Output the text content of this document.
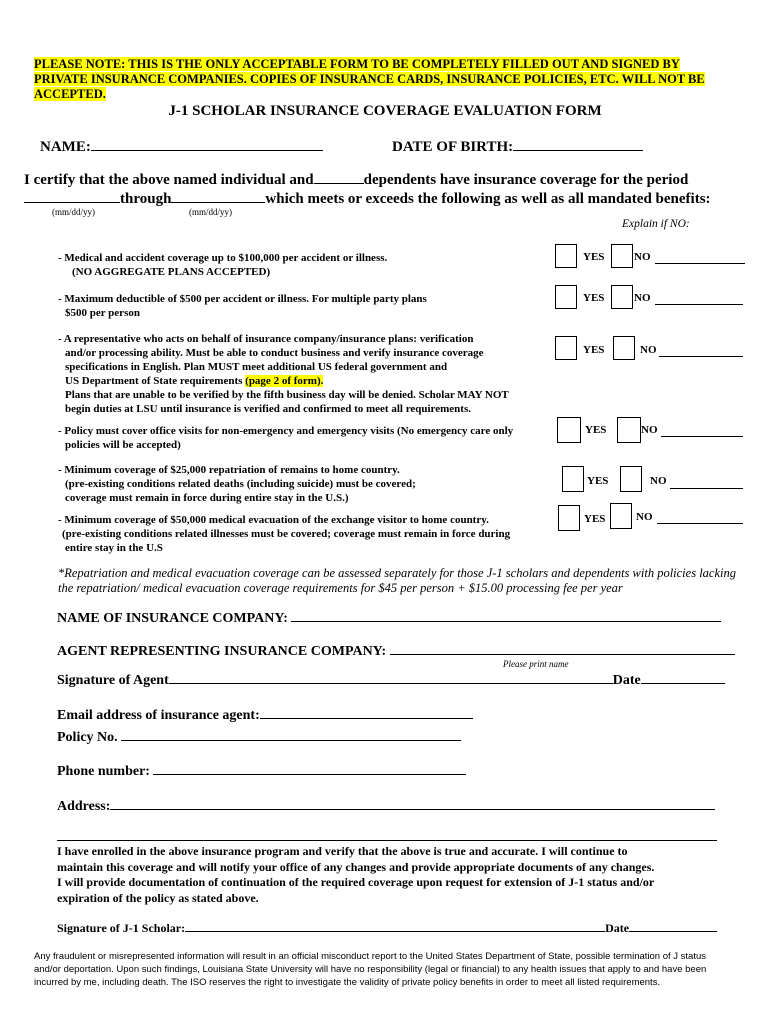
PLEASE NOTE: THIS IS THE ONLY ACCEPTABLE FORM TO BE COMPLETELY FILLED OUT AND SIGNED BY PRIVATE INSURANCE COMPANIES. COPIES OF INSURANCE CARDS, INSURANCE POLICIES, ETC. WILL NOT BE ACCEPTED.
J-1 SCHOLAR INSURANCE COVERAGE EVALUATION FORM
NAME:	DATE OF BIRTH:
I certify that the above named individual and	dependents have insurance coverage for the period
through	which meets or exceeds the following as well as all mandated benefits:
(mm/dd/yy)	(mm/dd/yy)
Explain if NO:
- Medical and accident coverage up to $100,000 per accident or illness.
(NO AGGREGATE PLANS ACCEPTED)
YES	NO
- Maximum deductible of $500 per accident or illness. For multiple party plans
$500 per person
YES	NO
- A representative who acts on behalf of insurance company/insurance plans: verification
and/or processing ability. Must be able to conduct business and verify insurance coverage
specifications in English. Plan MUST meet additional US federal government and
US Department of State requirements (page 2 of form).
Plans that are unable to be verified by the fifth business day will be denied. Scholar MAY NOT
begin duties at LSU until insurance is verified and confirmed to meet all requirements.
YES	NO
- Policy must cover office visits for non-emergency and emergency visits (No emergency care only
policies will be accepted)
YES	NO
- Minimum coverage of $25,000 repatriation of remains to home country.
(pre-existing conditions related deaths (including suicide) must be covered;
coverage must remain in force during entire stay in the U.S.)
YES	NO
- Minimum coverage of $50,000 medical evacuation of the exchange visitor to home country.
(pre-existing conditions related illnesses must be covered; coverage must remain in force during
entire stay in the U.S
YES	NO
*Repatriation and medical evacuation coverage can be assessed separately for those J-1 scholars and dependents with policies lacking the repatriation/ medical evacuation coverage requirements for $45 per person + $15.00 processing fee per year
NAME OF INSURANCE COMPANY:
AGENT REPRESENTING INSURANCE COMPANY:
Please print name
Signature of Agent	Date
Email address of insurance agent:
Policy No.
Phone number:
Address:
I have enrolled in the above insurance program and verify that the above is true and accurate. I will continue to maintain this coverage and will notify your office of any changes and provide appropriate documents of any changes. I will provide documentation of continuation of the required coverage upon request for extension of J-1 status and/or expiration of the policy as stated above.
Signature of J-1 Scholar:	Date
Any fraudulent or misrepresented information will result in an official misconduct report to the United States Department of State, possible termination of J status and/or deportation. Upon such findings, Louisiana State University will have no responsibility (legal or financial) to any health issues that apply to and have been incurred by me, including death. The ISO reserves the right to investigate the validity of private policy benefits in order to meet all listed requirements.
